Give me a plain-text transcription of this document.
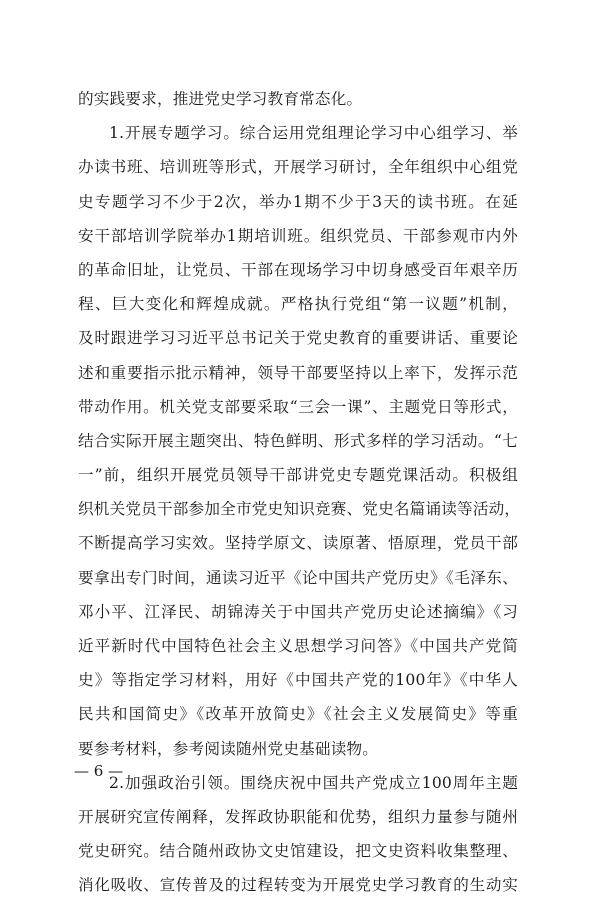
的实践要求，推进党史学习教育常态化。
1.开展专题学习。综合运用党组理论学习中心组学习、举
办读书班、培训班等形式，开展学习研讨，全年组织中心组党
史专题学习不少于2次，举办1期不少于3天的读书班。在延
安干部培训学院举办1期培训班。组织党员、干部参观市内外
的革命旧址，让党员、干部在现场学习中切身感受百年艰辛历
程、巨大变化和辉煌成就。严格执行党组“第一议题”机制，
及时跟进学习习近平总书记关于党史教育的重要讲话、重要论
述和重要指示批示精神，领导干部要坚持以上率下，发挥示范
带动作用。机关党支部要采取“三会一课”、主题党日等形式，
结合实际开展主题突出、特色鲜明、形式多样的学习活动。“七
一”前，组织开展党员领导干部讲党史专题党课活动。积极组
织机关党员干部参加全市党史知识竞赛、党史名篇诵读等活动，
不断提高学习实效。坚持学原文、读原著、悟原理，党员干部
要拿出专门时间，通读习近平《论中国共产党历史》《毛泽东、
邓小平、江泽民、胡锦涛关于中国共产党历史论述摘编》《习
近平新时代中国特色社会主义思想学习问答》《中国共产党简
史》等指定学习材料，用好《中国共产党的100年》《中华人
民共和国简史》《改革开放简史》《社会主义发展简史》等重
要参考材料，参考阅读随州党史基础读物。
2.加强政治引领。围绕庆祝中国共产党成立100周年主题
开展研究宣传阐释，发挥政协职能和优势，组织力量参与随州
党史研究。结合随州政协文史馆建设，把文史资料收集整理、
消化吸收、宣传普及的过程转变为开展党史学习教育的生动实
— 6 —
